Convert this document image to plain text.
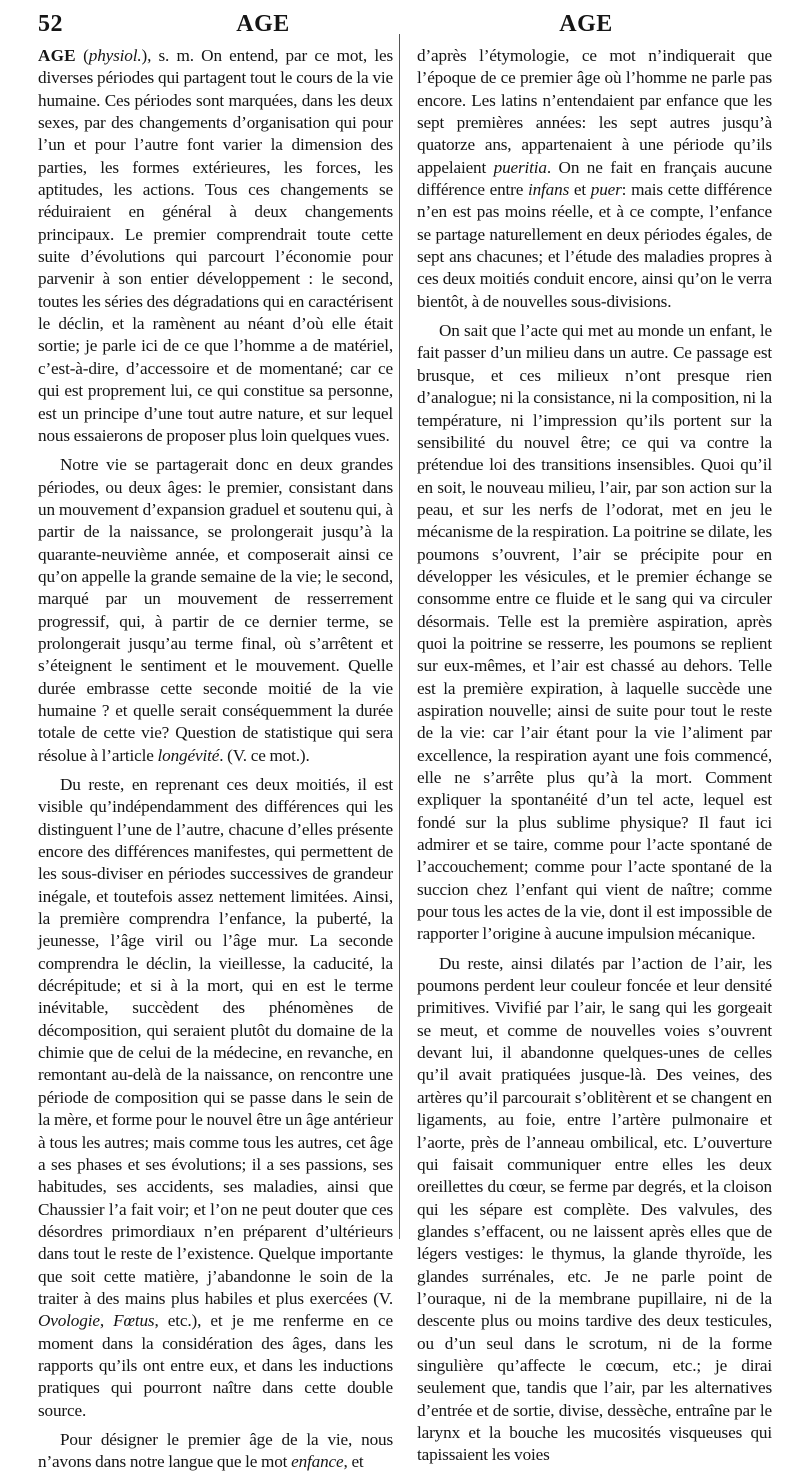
52	AGE	AGE

AGE (physiol.), s. m. On entend, par ce mot, les diverses périodes qui partagent tout le cours de la vie humaine. Ces périodes sont marquées, dans les deux sexes, par des changements d’organisation qui pour l’un et pour l’autre font varier la dimension des parties, les formes extérieures, les forces, les aptitudes, les actions. Tous ces changements se réduiraient en général à deux changements principaux. Le premier comprendrait toute cette suite d’évolutions qui parcourt l’économie pour parvenir à son entier développement : le second, toutes les séries des dégradations qui en caractérisent le déclin, et la ramènent au néant d’où elle était sortie; je parle ici de ce que l’homme a de matériel, c’est-à-dire, d’accessoire et de momentané; car ce qui est proprement lui, ce qui constitue sa personne, est un principe d’une tout autre nature, et sur lequel nous essaierons de proposer plus loin quelques vues.

Notre vie se partagerait donc en deux grandes périodes, ou deux âges: le premier, consistant dans un mouvement d’expansion graduel et soutenu qui, à partir de la naissance, se prolongerait jusqu’à la quarante-neuvième année, et composerait ainsi ce qu’on appelle la grande semaine de la vie; le second, marqué par un mouvement de resserrement progressif, qui, à partir de ce dernier terme, se prolongerait jusqu’au terme final, où s’arrêtent et s’éteignent le sentiment et le mouvement. Quelle durée embrasse cette seconde moitié de la vie humaine ? et quelle serait conséquemment la durée totale de cette vie? Question de statistique qui sera résolue à l’article longévité. (V. ce mot.).

Du reste, en reprenant ces deux moitiés, il est visible qu’indépendamment des différences qui les distinguent l’une de l’autre, chacune d’elles présente encore des différences manifestes, qui permettent de les sous-diviser en périodes successives de grandeur inégale, et toutefois assez nettement limitées. Ainsi, la première comprendra l’enfance, la puberté, la jeunesse, l’âge viril ou l’âge mur. La seconde comprendra le déclin, la vieillesse, la caducité, la décrépitude; et si à la mort, qui en est le terme inévitable, succèdent des phénomènes de décomposition, qui seraient plutôt du domaine de la chimie que de celui de la médecine, en revanche, en remontant au-delà de la naissance, on rencontre une période de composition qui se passe dans le sein de la mère, et forme pour le nouvel être un âge antérieur à tous les autres; mais comme tous les autres, cet âge a ses phases et ses évolutions; il a ses passions, ses habitudes, ses accidents, ses maladies, ainsi que Chaussier l’a fait voir; et l’on ne peut douter que ces désordres primordiaux n’en préparent d’ultérieurs dans tout le reste de l’existence. Quelque importante que soit cette matière, j’abandonne le soin de la traiter à des mains plus habiles et plus exercées (V. Ovologie, Fœtus, etc.), et je me renferme en ce moment dans la considération des âges, dans les rapports qu’ils ont entre eux, et dans les inductions pratiques qui pourront naître dans cette double source.

Pour désigner le premier âge de la vie, nous n’avons dans notre langue que le mot enfance, et

d’après l’étymologie, ce mot n’indiquerait que l’époque de ce premier âge où l’homme ne parle pas encore. Les latins n’entendaient par enfance que les sept premières années: les sept autres jusqu’à quatorze ans, appartenaient à une période qu’ils appelaient pueritia. On ne fait en français aucune différence entre infans et puer: mais cette différence n’en est pas moins réelle, et à ce compte, l’enfance se partage naturellement en deux périodes égales, de sept ans chacunes; et l’étude des maladies propres à ces deux moitiés conduit encore, ainsi qu’on le verra bientôt, à de nouvelles sous-divisions.

On sait que l’acte qui met au monde un enfant, le fait passer d’un milieu dans un autre. Ce passage est brusque, et ces milieux n’ont presque rien d’analogue; ni la consistance, ni la composition, ni la température, ni l’impression qu’ils portent sur la sensibilité du nouvel être; ce qui va contre la prétendue loi des transitions insensibles. Quoi qu’il en soit, le nouveau milieu, l’air, par son action sur la peau, et sur les nerfs de l’odorat, met en jeu le mécanisme de la respiration. La poitrine se dilate, les poumons s’ouvrent, l’air se précipite pour en développer les vésicules, et le premier échange se consomme entre ce fluide et le sang qui va circuler désormais. Telle est la première aspiration, après quoi la poitrine se resserre, les poumons se replient sur eux-mêmes, et l’air est chassé au dehors. Telle est la première expiration, à laquelle succède une aspiration nouvelle; ainsi de suite pour tout le reste de la vie: car l’air étant pour la vie l’aliment par excellence, la respiration ayant une fois commencé, elle ne s’arrête plus qu’à la mort. Comment expliquer la spontanéité d’un tel acte, lequel est fondé sur la plus sublime physique? Il faut ici admirer et se taire, comme pour l’acte spontané de l’accouchement; comme pour l’acte spontané de la succion chez l’enfant qui vient de naître; comme pour tous les actes de la vie, dont il est impossible de rapporter l’origine à aucune impulsion mécanique.

Du reste, ainsi dilatés par l’action de l’air, les poumons perdent leur couleur foncée et leur densité primitives. Vivifié par l’air, le sang qui les gorgeait se meut, et comme de nouvelles voies s’ouvrent devant lui, il abandonne quelques-unes de celles qu’il avait pratiquées jusque-là. Des veines, des artères qu’il parcourait s’oblitèrent et se changent en ligaments, au foie, entre l’artère pulmonaire et l’aorte, près de l’anneau ombilical, etc. L’ouverture qui faisait communiquer entre elles les deux oreillettes du cœur, se ferme par degrés, et la cloison qui les sépare est complète. Des valvules, des glandes s’effacent, ou ne laissent après elles que de légers vestiges: le thymus, la glande thyroïde, les glandes surrénales, etc. Je ne parle point de l’ouraque, ni de la membrane pupillaire, ni de la descente plus ou moins tardive des deux testicules, ou d’un seul dans le scrotum, ni de la forme singulière qu’affecte le cœcum, etc.; je dirai seulement que, tandis que l’air, par les alternatives d’entrée et de sortie, divise, dessèche, entraîne par le larynx et la bouche les mucosités visqueuses qui tapissaient les voies
